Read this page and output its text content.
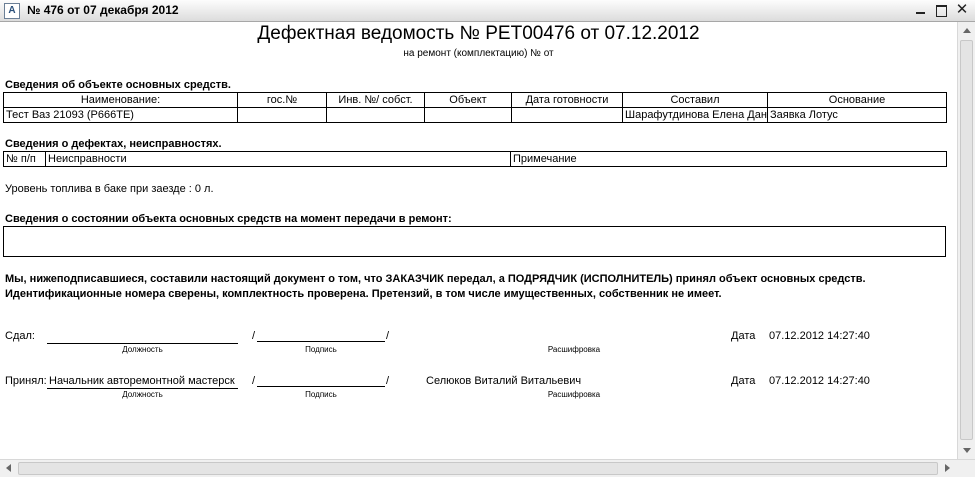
A № 476 от 07 декабря 2012	✕
Дефектная ведомость № РЕТ00476 от 07.12.2012
на ремонт (комплектацию) № от
Сведения об объекте основных средств.
Наименование:	гос.№	Инв. №/ собст.	Объект	Дата готовности	Составил	Основание
Тест Ваз 21093 (Р666ТЕ)					Шарафутдинова Елена Дан	Заявка Лотус
Сведения о дефектах, неисправностях.
№ п/п	Неисправности	Примечание
Уровень топлива в баке при заезде : 0 л.
Сведения о состоянии объекта основных средств на момент передачи в ремонт:
Мы, нижеподписавшиеся, составили настоящий документ о том, что ЗАКАЗЧИК передал, а ПОДРЯДЧИК (ИСПОЛНИТЕЛЬ) принял объект основных средств.
Идентификационные номера сверены, комплектность проверена. Претензий, в том числе имущественных, собственник не имеет.
Сдал:	/	/
Должность	Подпись	Расшифровка
Дата 07.12.2012 14:27:40
Принял: Начальник авторемонтной мастерск /	/	Селюков Виталий Витальевич
Должность	Подпись	Расшифровка
Дата 07.12.2012 14:27:40
